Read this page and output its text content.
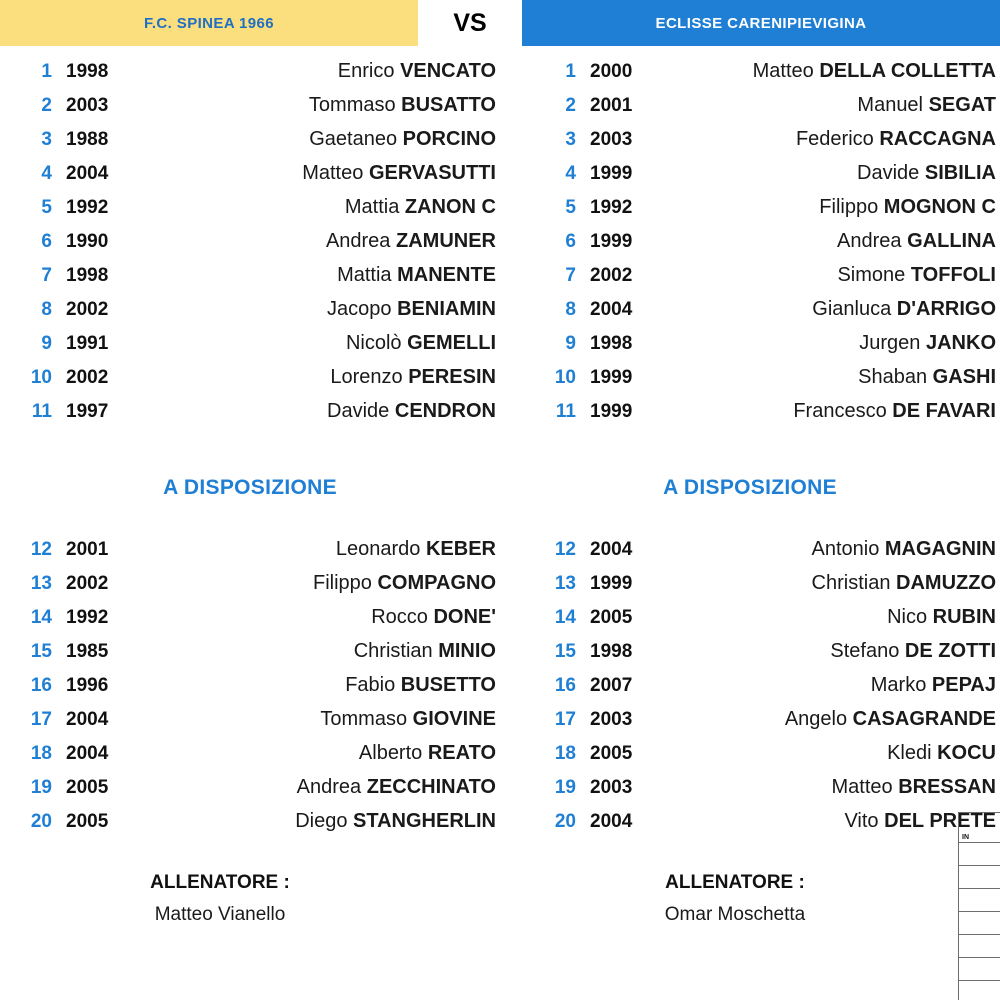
F.C. SPINEA 1966	VS	ECLISSE CARENIPIEVIGINA
1 1998	Enrico VENCATO
2 2003	Tommaso BUSATTO
3 1988	Gaetaneo PORCINO
4 2004	Matteo GERVASUTTI
5 1992	Mattia ZANON C
6 1990	Andrea ZAMUNER
7 1998	Mattia MANENTE
8 2002	Jacopo BENIAMIN
9 1991	Nicolò GEMELLI
10 2002	Lorenzo PERESIN
11 1997	Davide CENDRON
A DISPOSIZIONE
12 2001	Leonardo KEBER
13 2002	Filippo COMPAGNO
14 1992	Rocco DONE'
15 1985	Christian MINIO
16 1996	Fabio BUSETTO
17 2004	Tommaso GIOVINE
18 2004	Alberto REATO
19 2005	Andrea ZECCHINATO
20 2005	Diego STANGHERLIN
ALLENATORE :
Matteo Vianello
1 2000	Matteo DELLA COLLETTA
2 2001	Manuel SEGAT
3 2003	Federico RACCAGNA
4 1999	Davide SIBILIA
5 1992	Filippo MOGNON C
6 1999	Andrea GALLINA
7 2002	Simone TOFFOLI
8 2004	Gianluca D'ARRIGO
9 1998	Jurgen JANKO
10 1999	Shaban GASHI
11 1999	Francesco DE FAVARI
A DISPOSIZIONE
12 2004	Antonio MAGAGNIN
13 1999	Christian DAMUZZO
14 2005	Nico RUBIN
15 1998	Stefano DE ZOTTI
16 2007	Marko PEPAJ
17 2003	Angelo CASAGRANDE
18 2005	Kledi KOCU
19 2003	Matteo BRESSAN
20 2004	Vito DEL PRETE
ALLENATORE :
Omar Moschetta
IN
